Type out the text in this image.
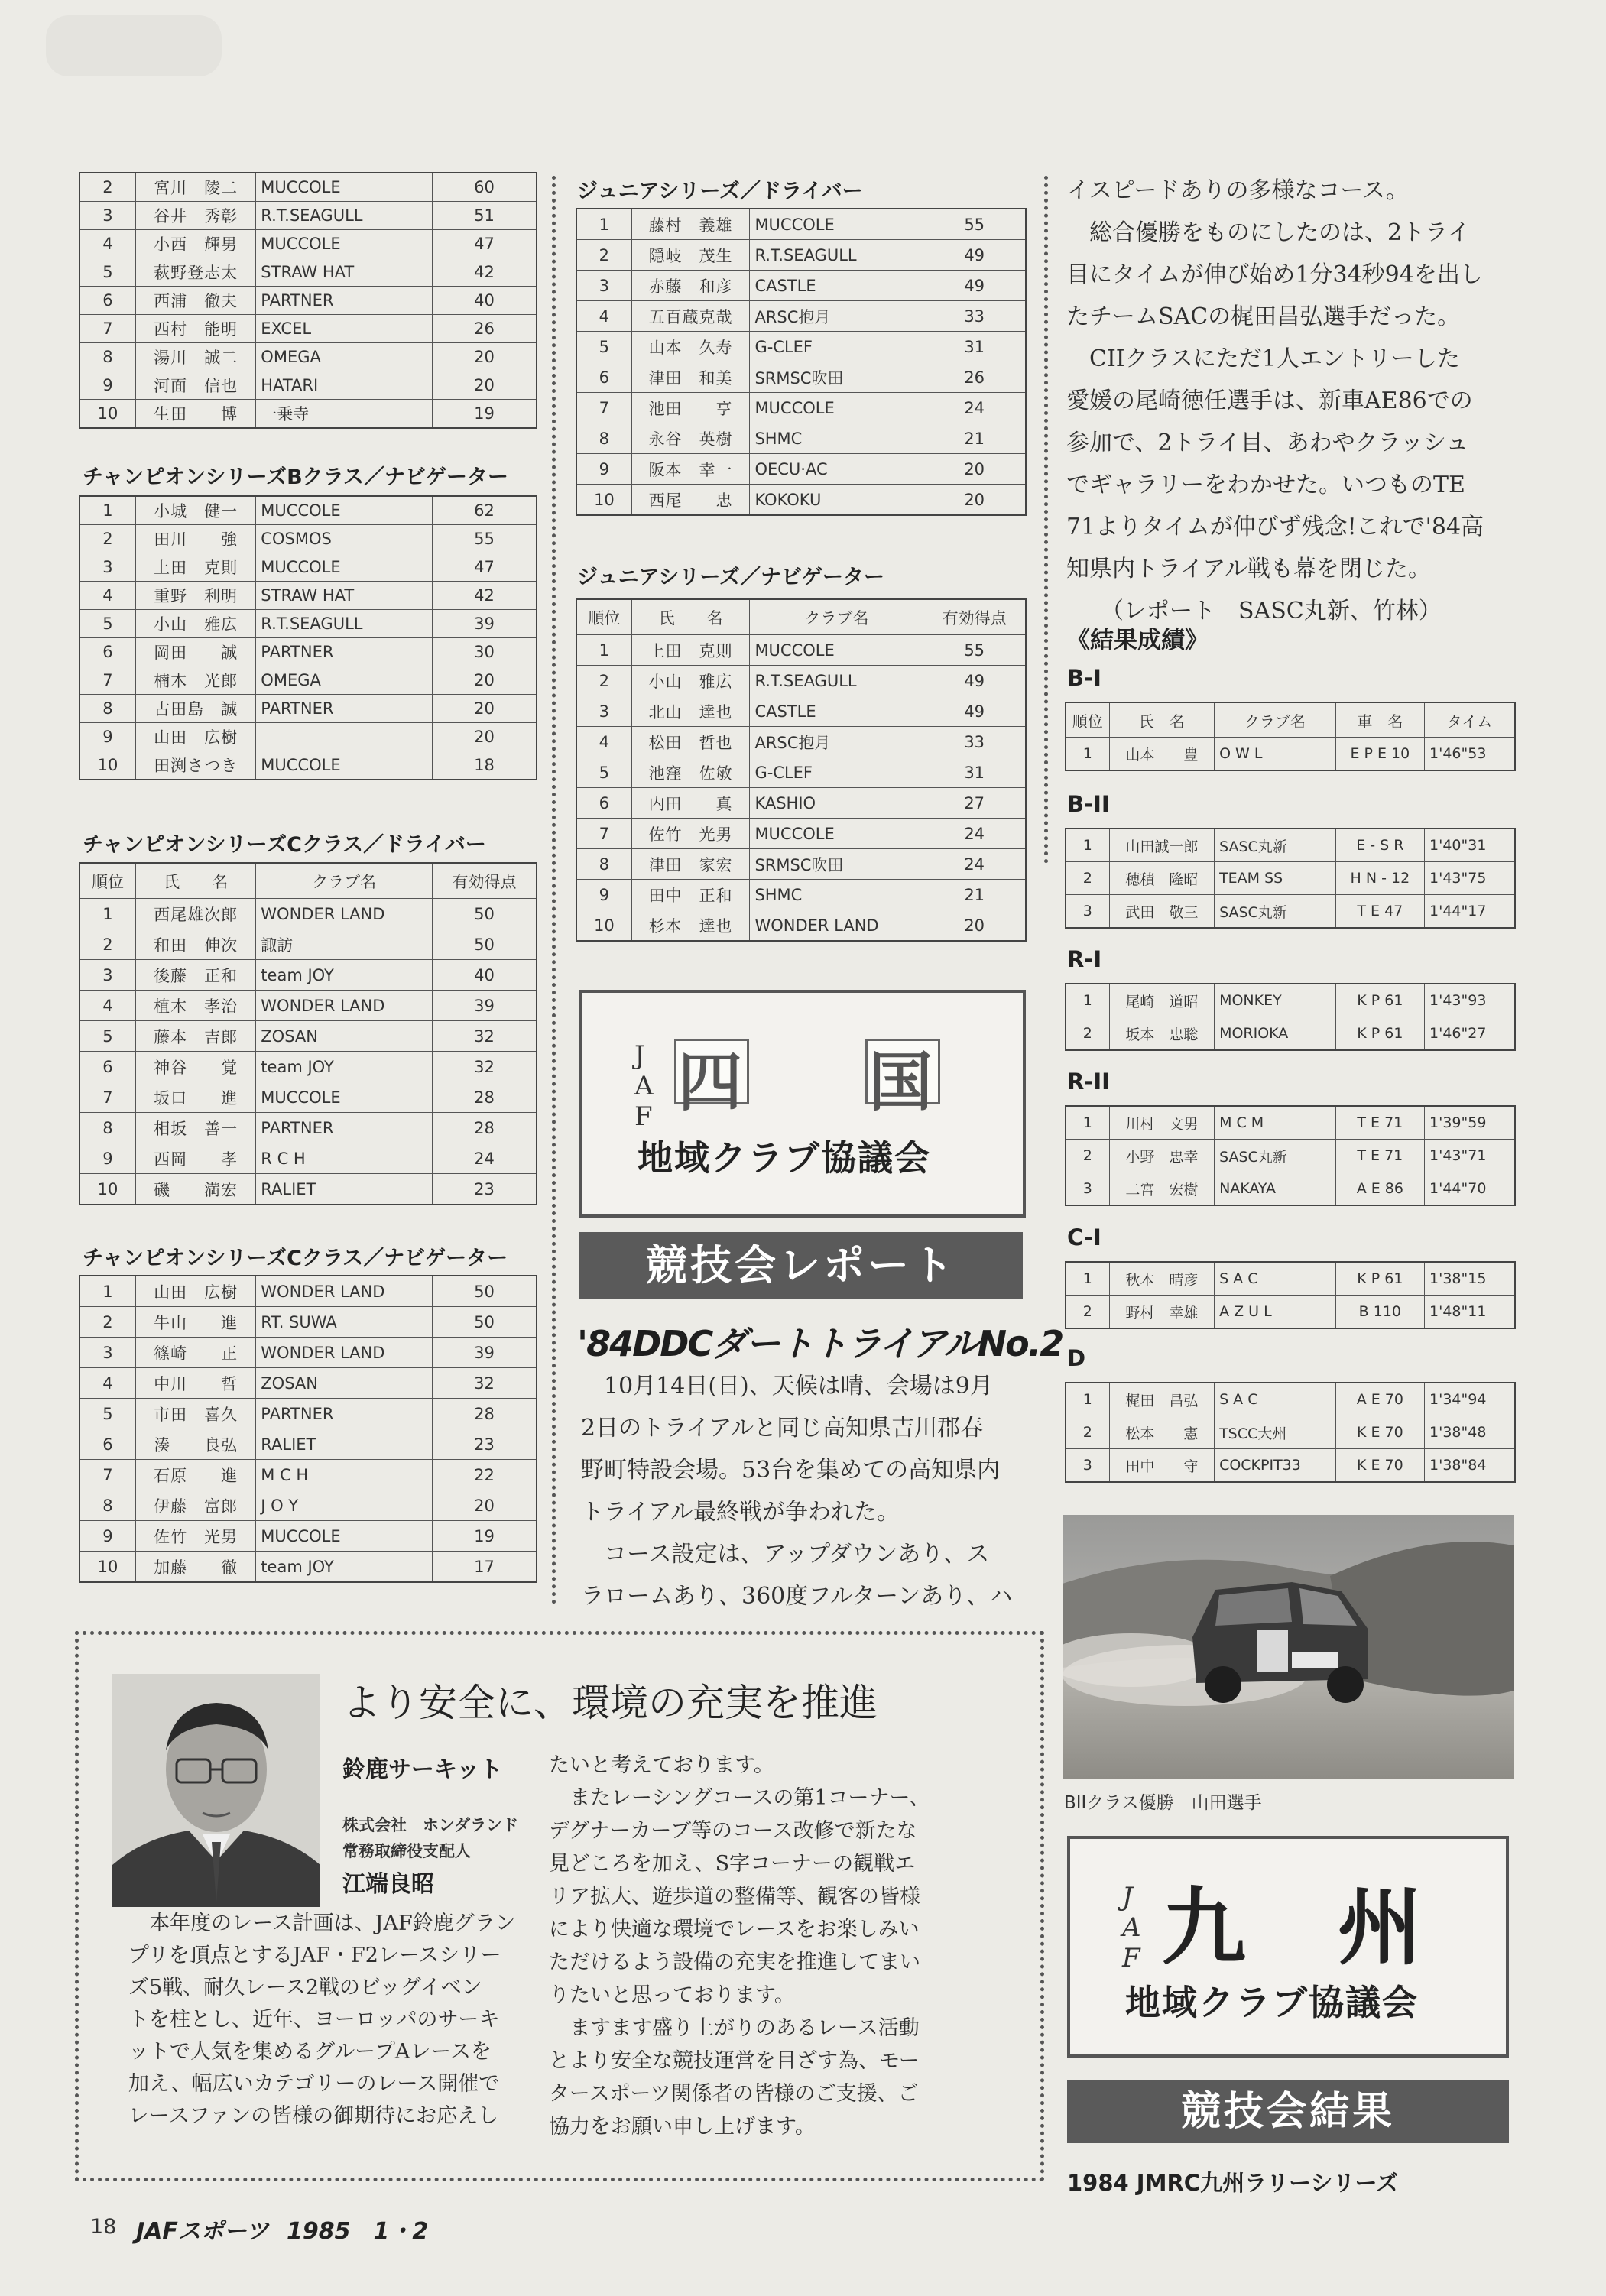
2	宮川　陵二	MUCCOLE	60
3	谷井　秀彰	R.T.SEAGULL	51
4	小西　輝男	MUCCOLE	47
5	萩野登志太	STRAW HAT	42
6	西浦　徹夫	PARTNER	40
7	西村　能明	EXCEL	26
8	湯川　誠二	OMEGA	20
9	河面　信也	HATARI	20
10	生田　　博	一乗寺	19
チャンピオンシリーズBクラス／ナビゲーター
1	小城　健一	MUCCOLE	62
2	田川　　強	COSMOS	55
3	上田　克則	MUCCOLE	47
4	重野　利明	STRAW HAT	42
5	小山　雅広	R.T.SEAGULL	39
6	岡田　　誠	PARTNER	30
7	楠木　光郎	OMEGA	20
8	古田島　誠	PARTNER	20
9	山田　広樹		20
10	田渕さつき	MUCCOLE	18
チャンピオンシリーズCクラス／ドライバー
順位	氏　　名	クラブ名	有効得点
1	西尾雄次郎	WONDER LAND	50
2	和田　伸次	諏訪	50
3	後藤　正和	team JOY	40
4	植木　孝治	WONDER LAND	39
5	藤本　吉郎	ZOSAN	32
6	神谷　　覚	team JOY	32
7	坂口　　進	MUCCOLE	28
8	相坂　善一	PARTNER	28
9	西岡　　孝	R C H	24
10	磯　　満宏	RALIET	23
チャンピオンシリーズCクラス／ナビゲーター
1	山田　広樹	WONDER LAND	50
2	牛山　　進	RT. SUWA	50
3	篠崎　　正	WONDER LAND	39
4	中川　　哲	ZOSAN	32
5	市田　喜久	PARTNER	28
6	湊　　良弘	RALIET	23
7	石原　　進	M C H	22
8	伊藤　富郎	J O Y	20
9	佐竹　光男	MUCCOLE	19
10	加藤　　徹	team JOY	17
ジュニアシリーズ／ドライバー
1	藤村　義雄	MUCCOLE	55
2	隠岐　茂生	R.T.SEAGULL	49
3	赤藤　和彦	CASTLE	49
4	五百蔵克哉	ARSC抱月	33
5	山本　久寿	G-CLEF	31
6	津田　和美	SRMSC吹田	26
7	池田　　亨	MUCCOLE	24
8	永谷　英樹	SHMC	21
9	阪本　幸一	OECU·AC	20
10	西尾　　忠	KOKOKU	20
ジュニアシリーズ／ナビゲーター
順位	氏　　名	クラブ名	有効得点
1	上田　克則	MUCCOLE	55
2	小山　雅広	R.T.SEAGULL	49
3	北山　達也	CASTLE	49
4	松田　哲也	ARSC抱月	33
5	池窪　佐敏	G-CLEF	31
6	内田　　真	KASHIO	27
7	佐竹　光男	MUCCOLE	24
8	津田　家宏	SRMSC吹田	24
9	田中　正和	SHMC	21
10	杉本　達也	WONDER LAND	20
JAF 四 国
地域クラブ協議会
競技会レポート
'84DDCダートトライアルNo.2
　10月14日(日)、天候は晴、会場は9月
2日のトライアルと同じ高知県吉川郡春
野町特設会場。53台を集めての高知県内
トライアル最終戦が争われた。
　コース設定は、アップダウンあり、ス
ラロームあり、360度フルターンあり、ハ
イスピードありの多様なコース。
　総合優勝をものにしたのは、2トライ
目にタイムが伸び始め1分34秒94を出し
たチームSACの梶田昌弘選手だった。
　CIIクラスにただ1人エントリーした
愛媛の尾崎徳任選手は、新車AE86での
参加で、2トライ目、あわやクラッシュ
でギャラリーをわかせた。いつものTE
71よりタイムが伸びず残念!これで'84高
知県内トライアル戦も幕を閉じた。
　　（レポート　SASC丸新、竹林）
《結果成績》
B-I
順位	氏　名	クラブ名	車　名	タイム
1	山本　　豊	O W L	E P E 10	1'46"53
B-II
1	山田誠一郎	SASC丸新	E - S R	1'40"31
2	穂積　隆昭	TEAM SS	H N - 12	1'43"75
3	武田　敬三	SASC丸新	T E 47	1'44"17
R-I
1	尾崎　道昭	MONKEY	K P 61	1'43"93
2	坂本　忠聡	MORIOKA	K P 61	1'46"27
R-II
1	川村　文男	M C M	T E 71	1'39"59
2	小野　忠幸	SASC丸新	T E 71	1'43"71
3	二宮　宏樹	NAKAYA	A E 86	1'44"70
C-I
1	秋本　晴彦	S A C	K P 61	1'38"15
2	野村　幸雄	A Z U L	B 110	1'48"11
D
1	梶田　昌弘	S A C	A E 70	1'34"94
2	松本　　憲	TSCC大州	K E 70	1'38"48
3	田中　　守	COCKPIT33	K E 70	1'38"84
BIIクラス優勝　山田選手
JAF 九 州
地域クラブ協議会
競技会結果
1984 JMRC九州ラリーシリーズ
より安全に、環境の充実を推進
鈴鹿サーキット
株式会社　ホンダランド
常務取締役支配人
江端良昭
　本年度のレース計画は、JAF鈴鹿グラン
プリを頂点とするJAF・F2レースシリー
ズ5戦、耐久レース2戦のビッグイベン
トを柱とし、近年、ヨーロッパのサーキ
ットで人気を集めるグループAレースを
加え、幅広いカテゴリーのレース開催で
レースファンの皆様の御期待にお応えし
たいと考えております。
　またレーシングコースの第1コーナー、
デグナーカーブ等のコース改修で新たな
見どころを加え、S字コーナーの観戦エ
リア拡大、遊歩道の整備等、観客の皆様
により快適な環境でレースをお楽しみい
ただけるよう設備の充実を推進してまい
りたいと思っております。
　ますます盛り上がりのあるレース活動
とより安全な競技運営を目ざす為、モー
タースポーツ関係者の皆様のご支援、ご
協力をお願い申し上げます。
18 JAFスポーツ 1985　1・2
